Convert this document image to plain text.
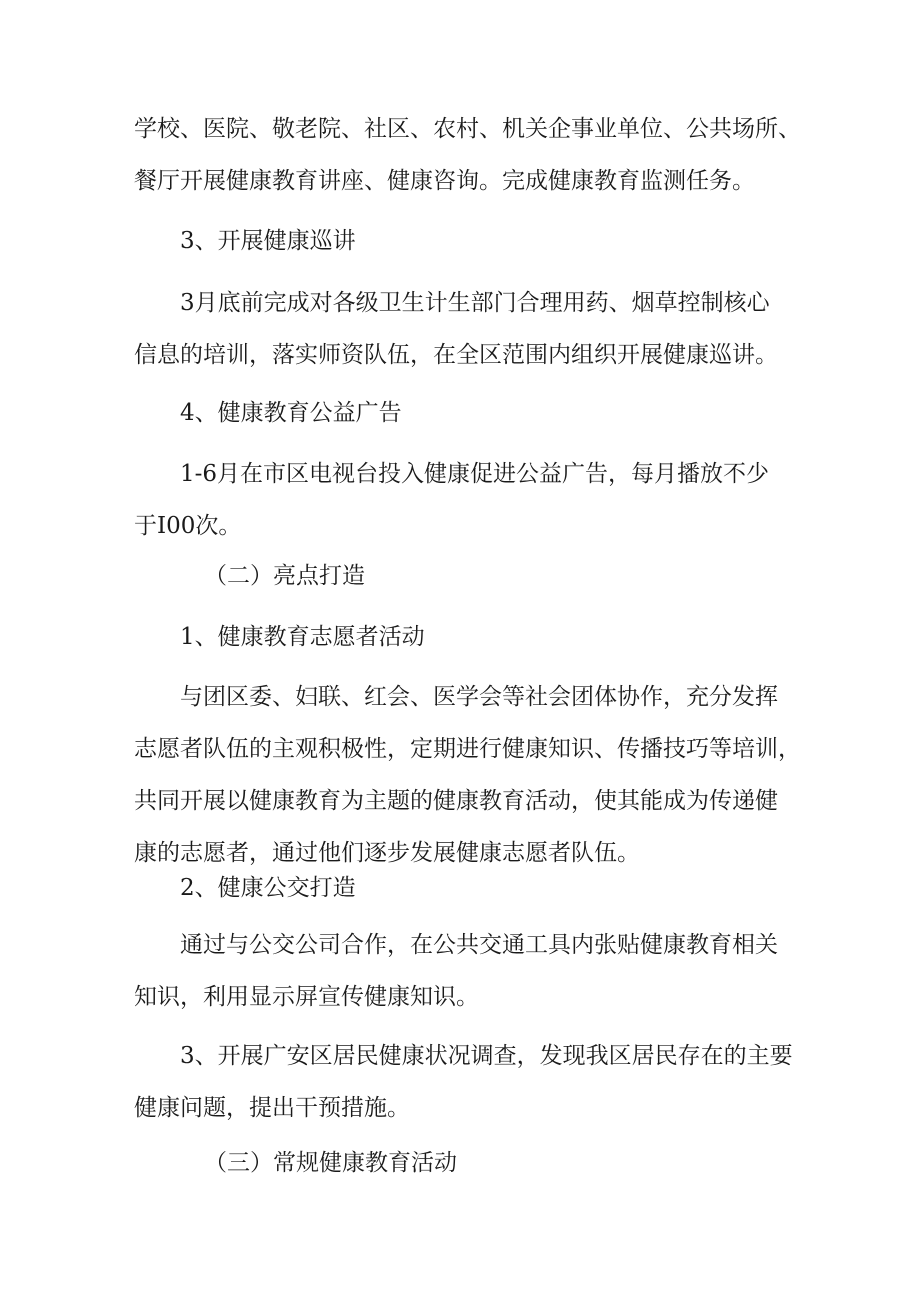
学校、医院、敬老院、社区、农村、机关企事业单位、公共场所、
餐厅开展健康教育讲座、健康咨询。完成健康教育监测任务。
3、开展健康巡讲
3月底前完成对各级卫生计生部门合理用药、烟草控制核心
信息的培训，落实师资队伍，在全区范围内组织开展健康巡讲。
4、健康教育公益广告
1-6月在市区电视台投入健康促进公益广告，每月播放不少
于I00次。
（二）亮点打造
1、健康教育志愿者活动
与团区委、妇联、红会、医学会等社会团体协作，充分发挥
志愿者队伍的主观积极性，定期进行健康知识、传播技巧等培训，
共同开展以健康教育为主题的健康教育活动，使其能成为传递健
康的志愿者，通过他们逐步发展健康志愿者队伍。
2、健康公交打造
通过与公交公司合作，在公共交通工具内张贴健康教育相关
知识，利用显示屏宣传健康知识。
3、开展广安区居民健康状况调查，发现我区居民存在的主要
健康问题，提出干预措施。
（三）常规健康教育活动
